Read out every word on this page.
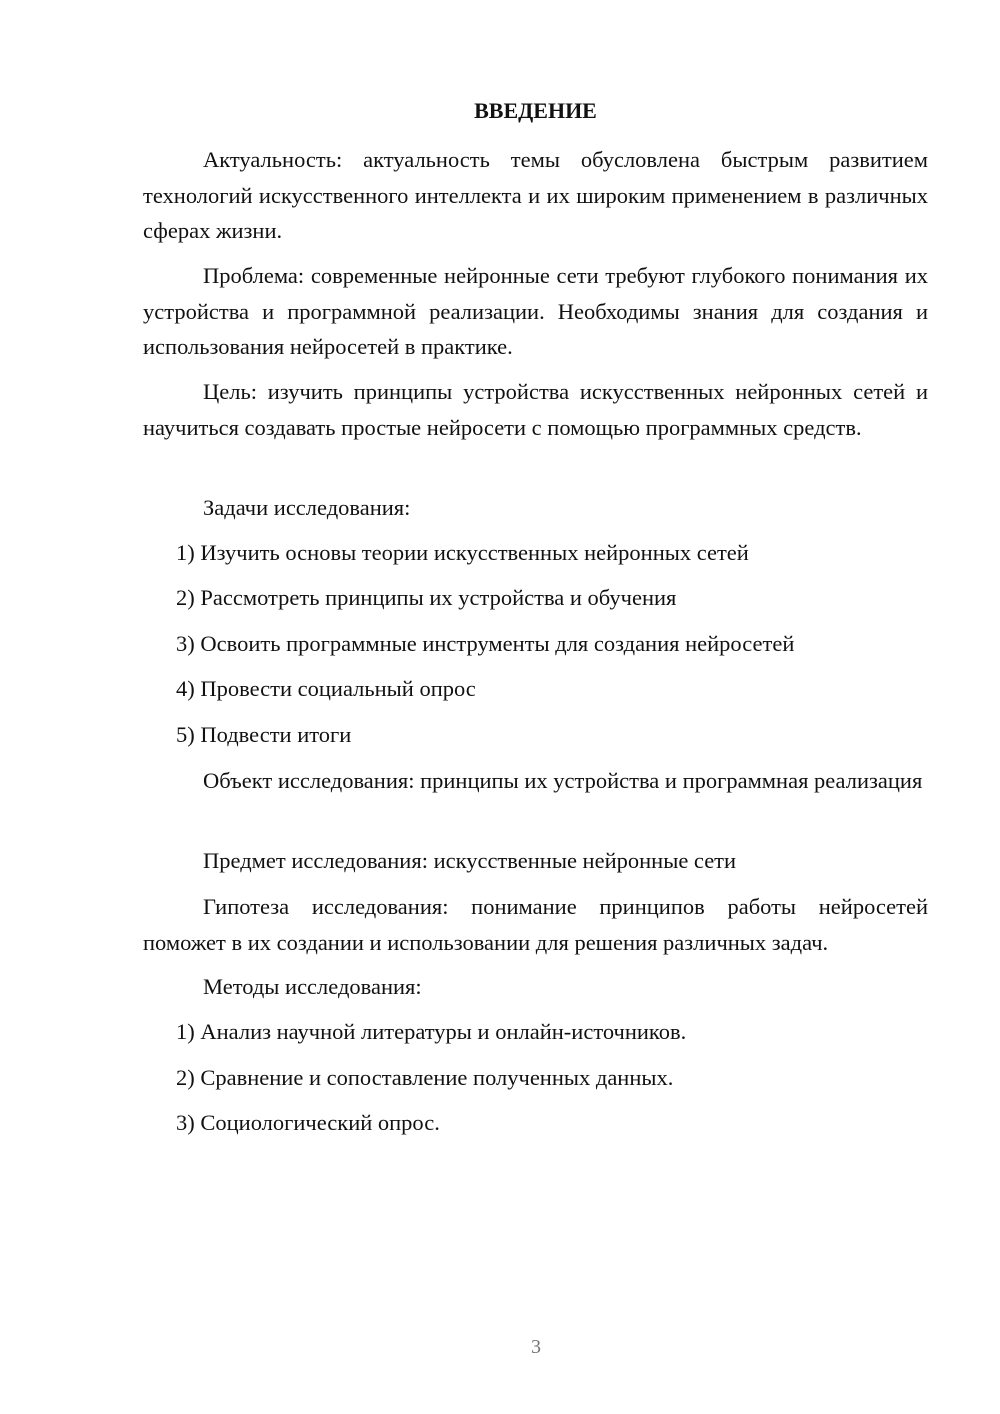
ВВЕДЕНИЕ

Актуальность: актуальность темы обусловлена быстрым развитием технологий искусственного интеллекта и их широким применением в различных сферах жизни.

Проблема: современные нейронные сети требуют глубокого понимания их устройства и программной реализации. Необходимы знания для создания и использования нейросетей в практике.

Цель: изучить принципы устройства искусственных нейронных сетей и научиться создавать простые нейросети с помощью программных средств.

Задачи исследования:

1) Изучить основы теории искусственных нейронных сетей

2) Рассмотреть принципы их устройства и обучения

3) Освоить программные инструменты для создания нейросетей

4) Провести социальный опрос

5) Подвести итоги

Объект исследования: принципы их устройства и программная реализация

Предмет исследования: искусственные нейронные сети

Гипотеза исследования: понимание принципов работы нейросетей поможет в их создании и использовании для решения различных задач.

Методы исследования:

1) Анализ научной литературы и онлайн-источников.

2) Сравнение и сопоставление полученных данных.

3) Социологический опрос.

3
